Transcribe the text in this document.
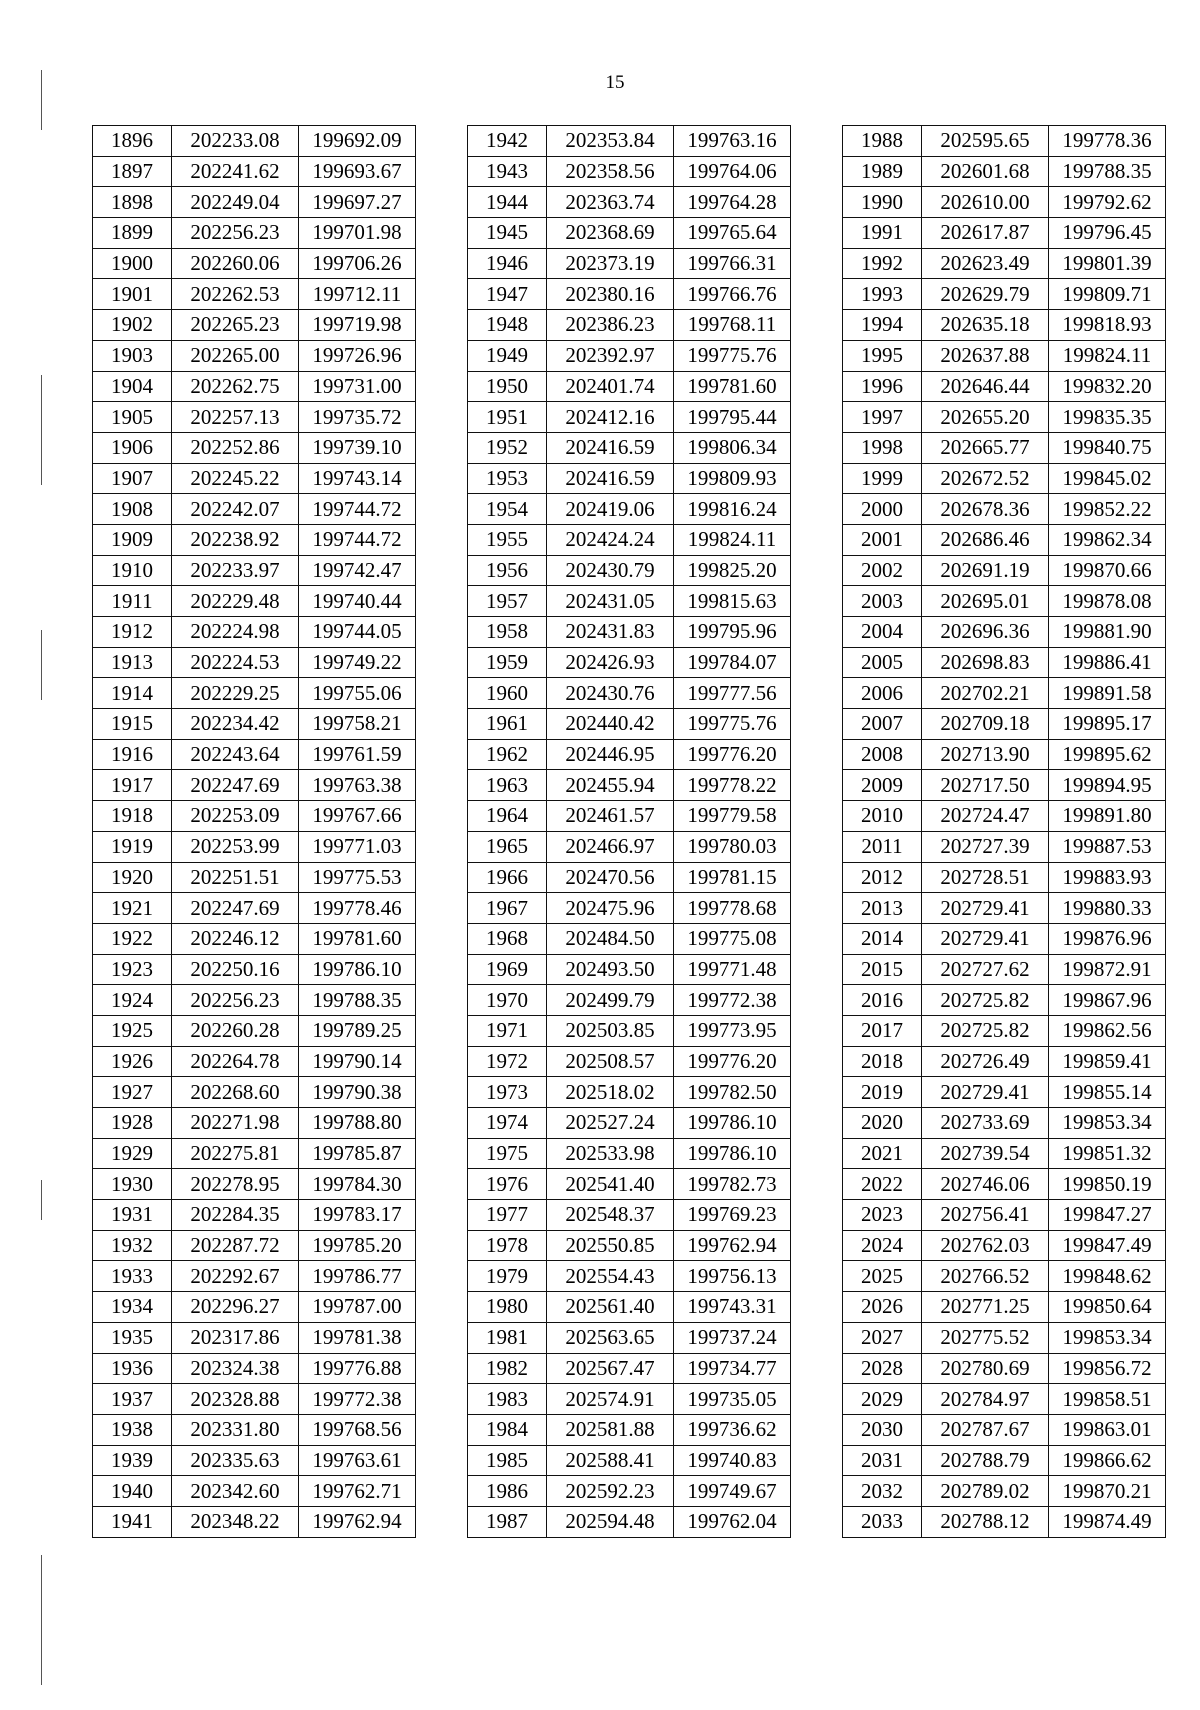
15
1896	202233.08	199692.09
1897	202241.62	199693.67
1898	202249.04	199697.27
1899	202256.23	199701.98
1900	202260.06	199706.26
1901	202262.53	199712.11
1902	202265.23	199719.98
1903	202265.00	199726.96
1904	202262.75	199731.00
1905	202257.13	199735.72
1906	202252.86	199739.10
1907	202245.22	199743.14
1908	202242.07	199744.72
1909	202238.92	199744.72
1910	202233.97	199742.47
1911	202229.48	199740.44
1912	202224.98	199744.05
1913	202224.53	199749.22
1914	202229.25	199755.06
1915	202234.42	199758.21
1916	202243.64	199761.59
1917	202247.69	199763.38
1918	202253.09	199767.66
1919	202253.99	199771.03
1920	202251.51	199775.53
1921	202247.69	199778.46
1922	202246.12	199781.60
1923	202250.16	199786.10
1924	202256.23	199788.35
1925	202260.28	199789.25
1926	202264.78	199790.14
1927	202268.60	199790.38
1928	202271.98	199788.80
1929	202275.81	199785.87
1930	202278.95	199784.30
1931	202284.35	199783.17
1932	202287.72	199785.20
1933	202292.67	199786.77
1934	202296.27	199787.00
1935	202317.86	199781.38
1936	202324.38	199776.88
1937	202328.88	199772.38
1938	202331.80	199768.56
1939	202335.63	199763.61
1940	202342.60	199762.71
1941	202348.22	199762.94
1942	202353.84	199763.16
1943	202358.56	199764.06
1944	202363.74	199764.28
1945	202368.69	199765.64
1946	202373.19	199766.31
1947	202380.16	199766.76
1948	202386.23	199768.11
1949	202392.97	199775.76
1950	202401.74	199781.60
1951	202412.16	199795.44
1952	202416.59	199806.34
1953	202416.59	199809.93
1954	202419.06	199816.24
1955	202424.24	199824.11
1956	202430.79	199825.20
1957	202431.05	199815.63
1958	202431.83	199795.96
1959	202426.93	199784.07
1960	202430.76	199777.56
1961	202440.42	199775.76
1962	202446.95	199776.20
1963	202455.94	199778.22
1964	202461.57	199779.58
1965	202466.97	199780.03
1966	202470.56	199781.15
1967	202475.96	199778.68
1968	202484.50	199775.08
1969	202493.50	199771.48
1970	202499.79	199772.38
1971	202503.85	199773.95
1972	202508.57	199776.20
1973	202518.02	199782.50
1974	202527.24	199786.10
1975	202533.98	199786.10
1976	202541.40	199782.73
1977	202548.37	199769.23
1978	202550.85	199762.94
1979	202554.43	199756.13
1980	202561.40	199743.31
1981	202563.65	199737.24
1982	202567.47	199734.77
1983	202574.91	199735.05
1984	202581.88	199736.62
1985	202588.41	199740.83
1986	202592.23	199749.67
1987	202594.48	199762.04
1988	202595.65	199778.36
1989	202601.68	199788.35
1990	202610.00	199792.62
1991	202617.87	199796.45
1992	202623.49	199801.39
1993	202629.79	199809.71
1994	202635.18	199818.93
1995	202637.88	199824.11
1996	202646.44	199832.20
1997	202655.20	199835.35
1998	202665.77	199840.75
1999	202672.52	199845.02
2000	202678.36	199852.22
2001	202686.46	199862.34
2002	202691.19	199870.66
2003	202695.01	199878.08
2004	202696.36	199881.90
2005	202698.83	199886.41
2006	202702.21	199891.58
2007	202709.18	199895.17
2008	202713.90	199895.62
2009	202717.50	199894.95
2010	202724.47	199891.80
2011	202727.39	199887.53
2012	202728.51	199883.93
2013	202729.41	199880.33
2014	202729.41	199876.96
2015	202727.62	199872.91
2016	202725.82	199867.96
2017	202725.82	199862.56
2018	202726.49	199859.41
2019	202729.41	199855.14
2020	202733.69	199853.34
2021	202739.54	199851.32
2022	202746.06	199850.19
2023	202756.41	199847.27
2024	202762.03	199847.49
2025	202766.52	199848.62
2026	202771.25	199850.64
2027	202775.52	199853.34
2028	202780.69	199856.72
2029	202784.97	199858.51
2030	202787.67	199863.01
2031	202788.79	199866.62
2032	202789.02	199870.21
2033	202788.12	199874.49
